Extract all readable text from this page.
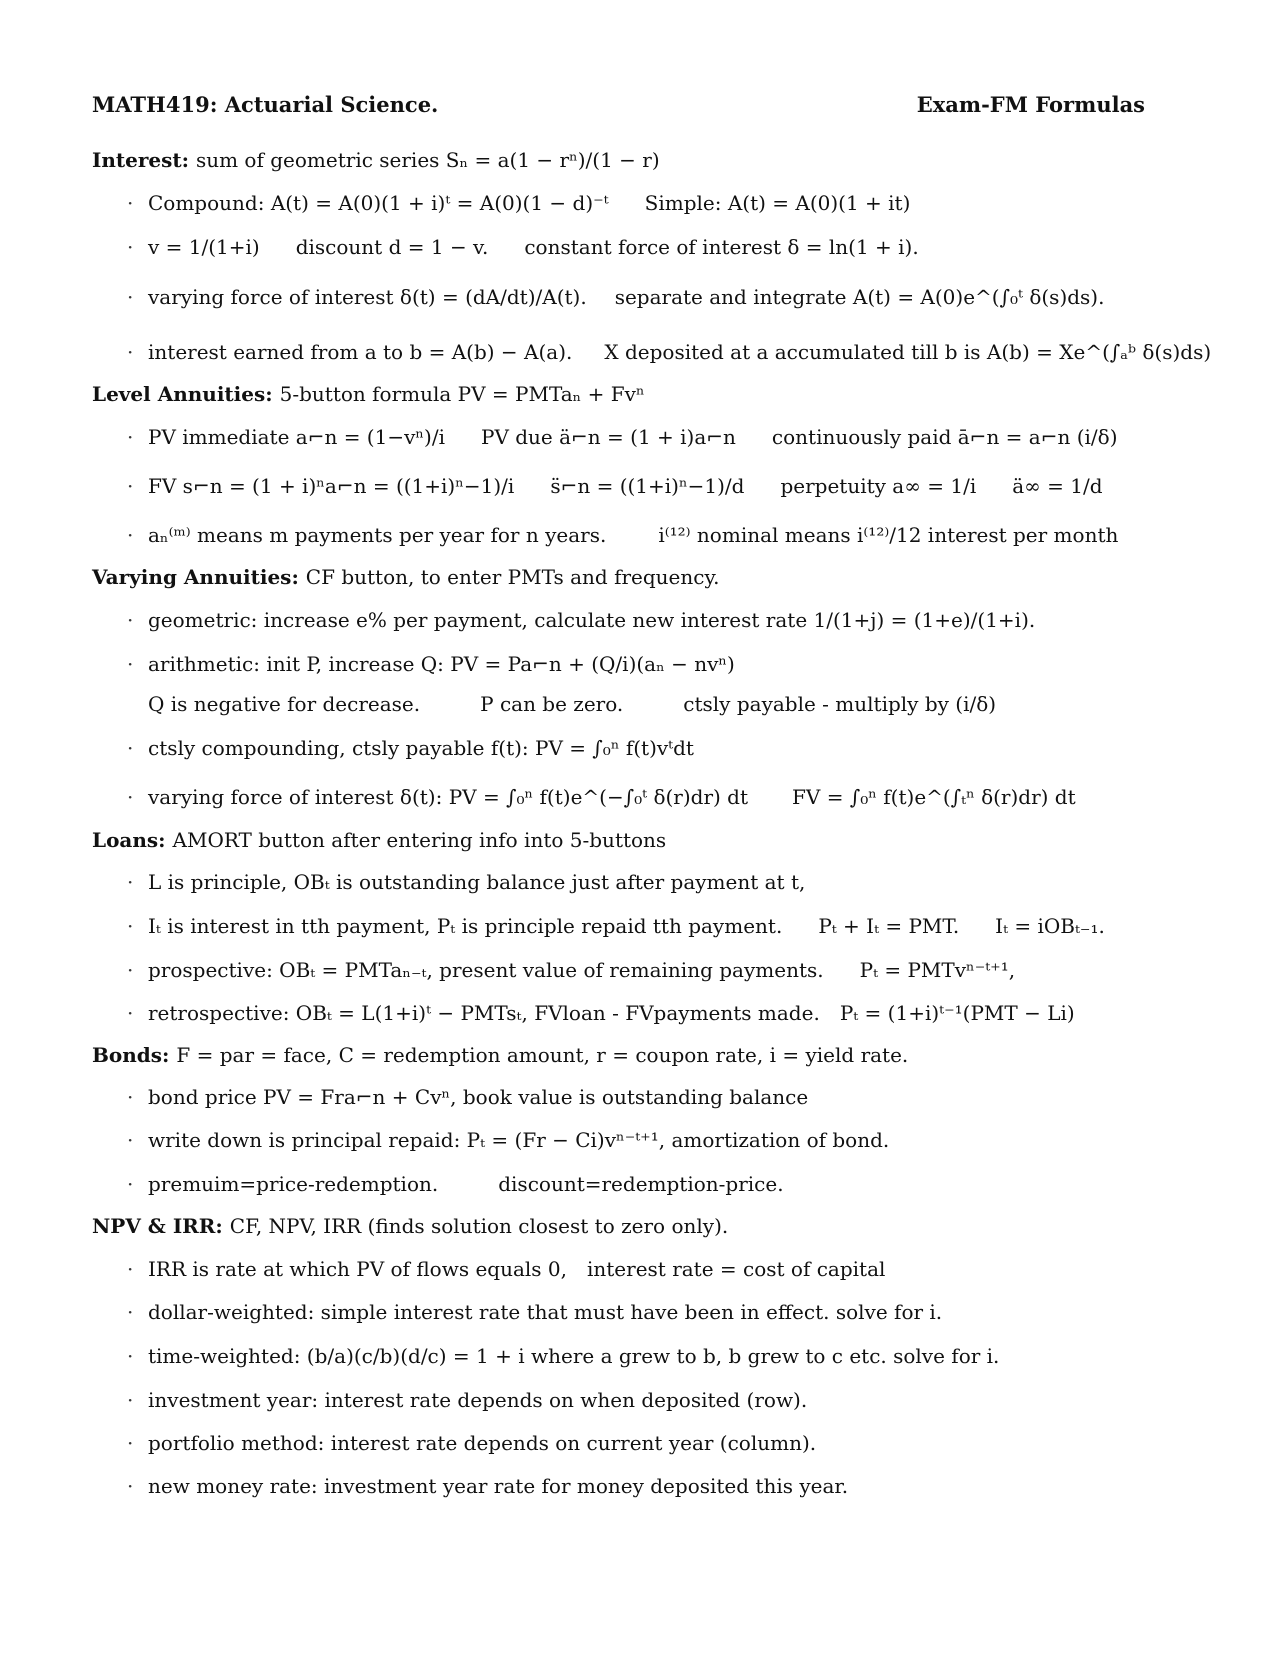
MATH419: Actuarial Science.	Exam-FM Formulas
Interest: sum of geometric series Sₙ = a(1 − rⁿ)/(1 − r)
· Compound: A(t) = A(0)(1 + i)ᵗ = A(0)(1 − d)⁻ᵗ Simple: A(t) = A(0)(1 + it)
· v = 1/(1+i) discount d = 1 − v. constant force of interest δ = ln(1 + i).
· varying force of interest δ(t) = (dA/dt)/A(t). separate and integrate A(t) = A(0)e^(∫₀ᵗ δ(s)ds).
· interest earned from a to b = A(b) − A(a). X deposited at a accumulated till b is A(b) = Xe^(∫ₐᵇ δ(s)ds)
Level Annuities: 5-button formula PV = PMTaₙ + Fvⁿ
· PV immediate a⌐n = (1−vⁿ)/i PV due ä⌐n = (1 + i)a⌐n continuously paid ā⌐n = a⌐n (i/δ)
· FV s⌐n = (1 + i)ⁿa⌐n = ((1+i)ⁿ−1)/i s̈⌐n = ((1+i)ⁿ−1)/d perpetuity a∞ = 1/i ä∞ = 1/d
· aₙ⁽ᵐ⁾ means m payments per year for n years.	i⁽¹²⁾ nominal means i⁽¹²⁾/12 interest per month
Varying Annuities: CF button, to enter PMTs and frequency.
· geometric: increase e% per payment, calculate new interest rate 1/(1+j) = (1+e)/(1+i).
· arithmetic: init P, increase Q: PV = Pa⌐n + (Q/i)(aₙ − nvⁿ)
Q is negative for decrease.	P can be zero.	ctsly payable - multiply by (i/δ)
· ctsly compounding, ctsly payable f(t): PV = ∫₀ⁿ f(t)vᵗdt
· varying force of interest δ(t): PV = ∫₀ⁿ f(t)e^(−∫₀ᵗ δ(r)dr) dt FV = ∫₀ⁿ f(t)e^(∫ₜⁿ δ(r)dr) dt
Loans: AMORT button after entering info into 5-buttons
· L is principle, OBₜ is outstanding balance just after payment at t,
· Iₜ is interest in tth payment, Pₜ is principle repaid tth payment. Pₜ + Iₜ = PMT. Iₜ = iOBₜ₋₁.
· prospective: OBₜ = PMTaₙ₋ₜ, present value of remaining payments. Pₜ = PMTvⁿ⁻ᵗ⁺¹,
· retrospective: OBₜ = L(1+i)ᵗ − PMTsₜ, FVloan - FVpayments made. Pₜ = (1+i)ᵗ⁻¹(PMT − Li)
Bonds: F = par = face, C = redemption amount, r = coupon rate, i = yield rate.
· bond price PV = Fra⌐n + Cvⁿ, book value is outstanding balance
· write down is principal repaid: Pₜ = (Fr − Ci)vⁿ⁻ᵗ⁺¹, amortization of bond.
· premuim=price-redemption.	discount=redemption-price.
NPV & IRR: CF, NPV, IRR (finds solution closest to zero only).
· IRR is rate at which PV of flows equals 0, interest rate = cost of capital
· dollar-weighted: simple interest rate that must have been in effect. solve for i.
· time-weighted: (b/a)(c/b)(d/c) = 1 + i where a grew to b, b grew to c etc. solve for i.
· investment year: interest rate depends on when deposited (row).
· portfolio method: interest rate depends on current year (column).
· new money rate: investment year rate for money deposited this year.
